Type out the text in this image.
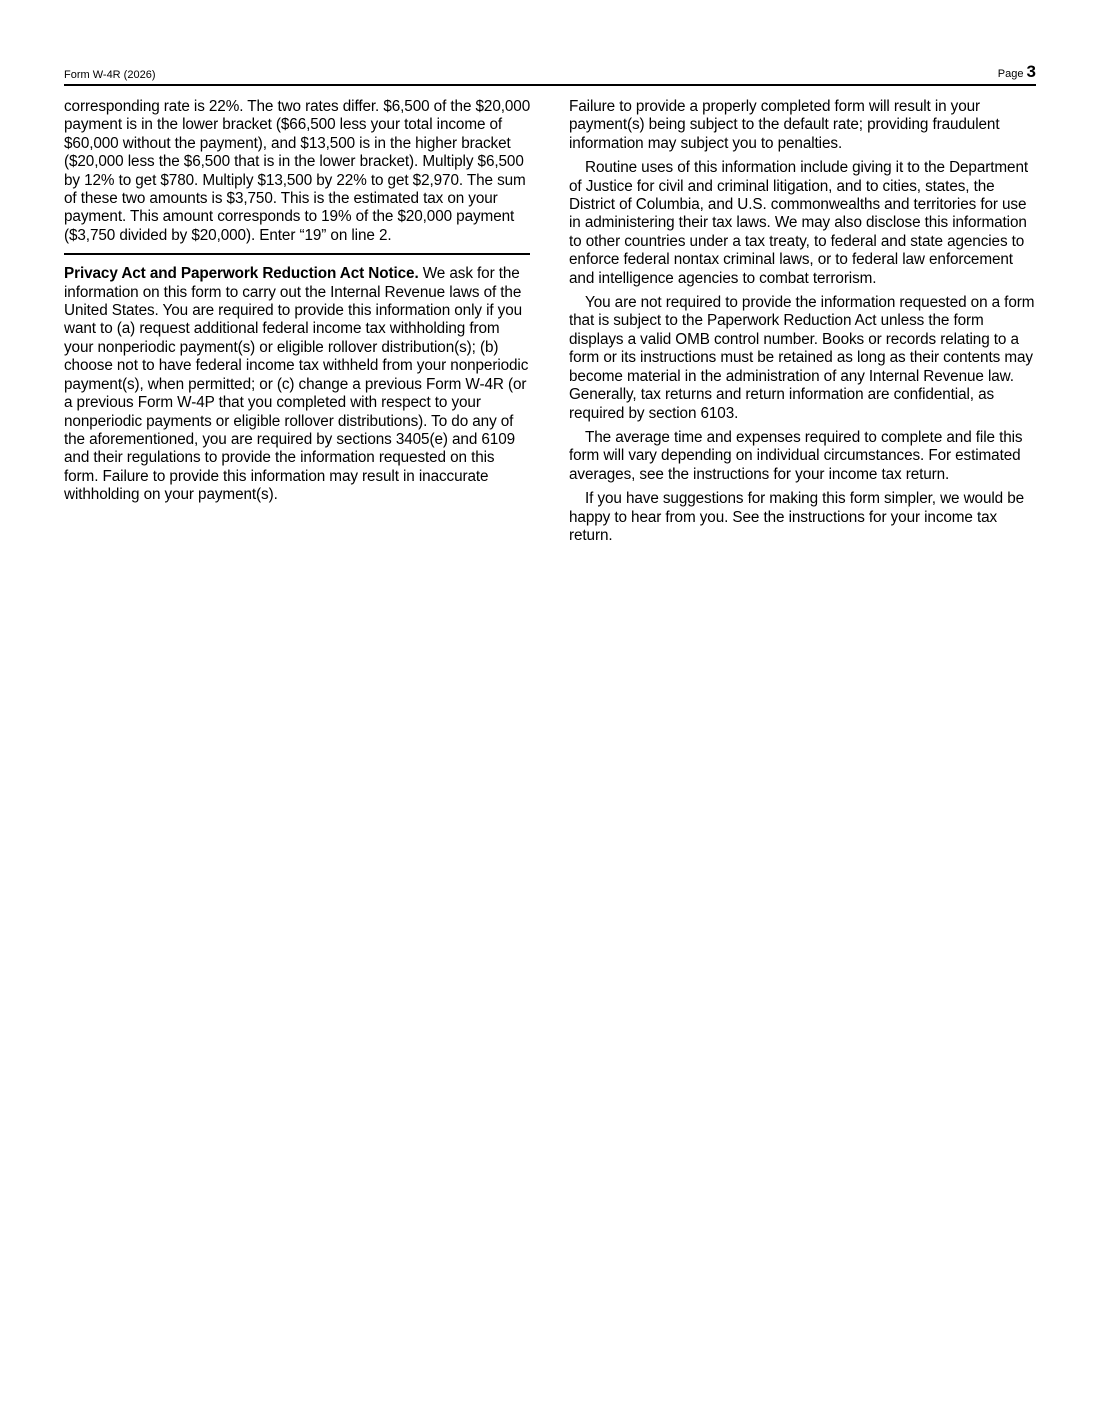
Form W-4R (2026)	Page 3

corresponding rate is 22%. The two rates differ. $6,500 of the $20,000 payment is in the lower bracket ($66,500 less your total income of $60,000 without the payment), and $13,500 is in the higher bracket ($20,000 less the $6,500 that is in the lower bracket). Multiply $6,500 by 12% to get $780. Multiply $13,500 by 22% to get $2,970. The sum of these two amounts is $3,750. This is the estimated tax on your payment. This amount corresponds to 19% of the $20,000 payment ($3,750 divided by $20,000). Enter “19” on line 2.

Privacy Act and Paperwork Reduction Act Notice. We ask for the information on this form to carry out the Internal Revenue laws of the United States. You are required to provide this information only if you want to (a) request additional federal income tax withholding from your nonperiodic payment(s) or eligible rollover distribution(s); (b) choose not to have federal income tax withheld from your nonperiodic payment(s), when permitted; or (c) change a previous Form W-4R (or a previous Form W-4P that you completed with respect to your nonperiodic payments or eligible rollover distributions). To do any of the aforementioned, you are required by sections 3405(e) and 6109 and their regulations to provide the information requested on this form. Failure to provide this information may result in inaccurate withholding on your payment(s).

Failure to provide a properly completed form will result in your payment(s) being subject to the default rate; providing fraudulent information may subject you to penalties.

Routine uses of this information include giving it to the Department of Justice for civil and criminal litigation, and to cities, states, the District of Columbia, and U.S. commonwealths and territories for use in administering their tax laws. We may also disclose this information to other countries under a tax treaty, to federal and state agencies to enforce federal nontax criminal laws, or to federal law enforcement and intelligence agencies to combat terrorism.

You are not required to provide the information requested on a form that is subject to the Paperwork Reduction Act unless the form displays a valid OMB control number. Books or records relating to a form or its instructions must be retained as long as their contents may become material in the administration of any Internal Revenue law. Generally, tax returns and return information are confidential, as required by section 6103.

The average time and expenses required to complete and file this form will vary depending on individual circumstances. For estimated averages, see the instructions for your income tax return.

If you have suggestions for making this form simpler, we would be happy to hear from you. See the instructions for your income tax return.
